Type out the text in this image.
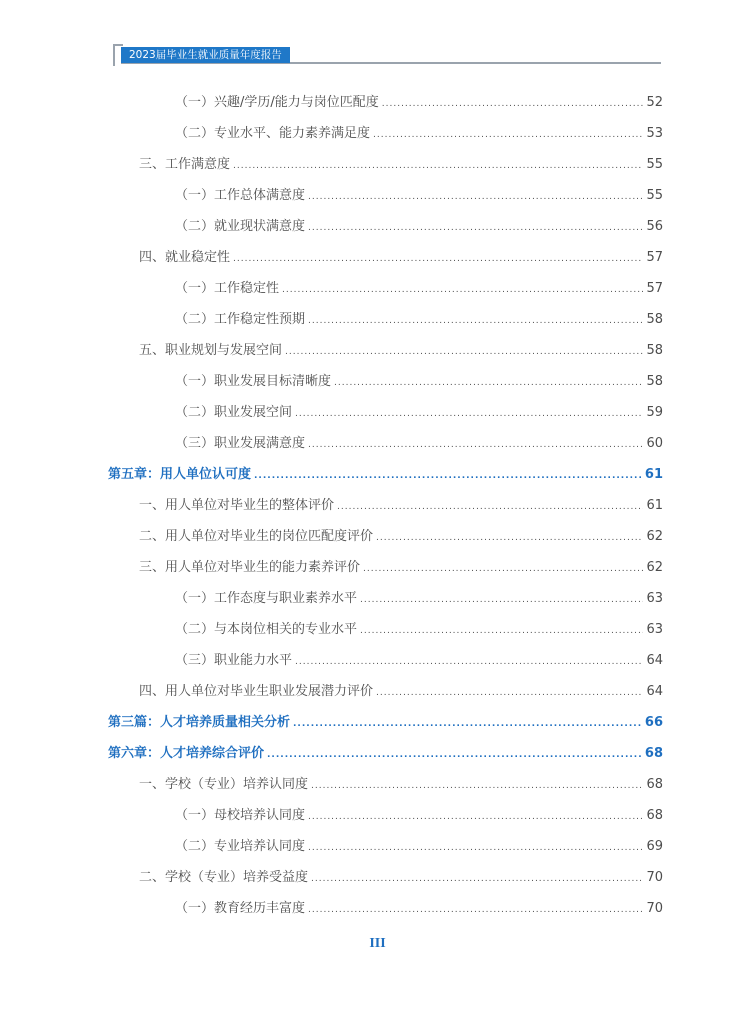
2023届毕业生就业质量年度报告
（一）兴趣/学历/能力与岗位匹配度 .....	52
（二）专业水平、能力素养满足度 .....	53
三、工作满意度 .....	55
（一）工作总体满意度 .....	55
（二）就业现状满意度 .....	56
四、就业稳定性 .....	57
（一）工作稳定性 .....	57
（二）工作稳定性预期 .....	58
五、职业规划与发展空间 .....	58
（一）职业发展目标清晰度 .....	58
（二）职业发展空间 .....	59
（三）职业发展满意度 .....	60
第五章：用人单位认可度 .....	61
一、用人单位对毕业生的整体评价 .....	61
二、用人单位对毕业生的岗位匹配度评价 .....	62
三、用人单位对毕业生的能力素养评价 .....	62
（一）工作态度与职业素养水平 .....	63
（二）与本岗位相关的专业水平 .....	63
（三）职业能力水平 .....	64
四、用人单位对毕业生职业发展潜力评价 .....	64
第三篇：人才培养质量相关分析 .....	66
第六章：人才培养综合评价 .....	68
一、学校（专业）培养认同度 .....	68
（一）母校培养认同度 .....	68
（二）专业培养认同度 .....	69
二、学校（专业）培养受益度 .....	70
（一）教育经历丰富度 .....	70
III
